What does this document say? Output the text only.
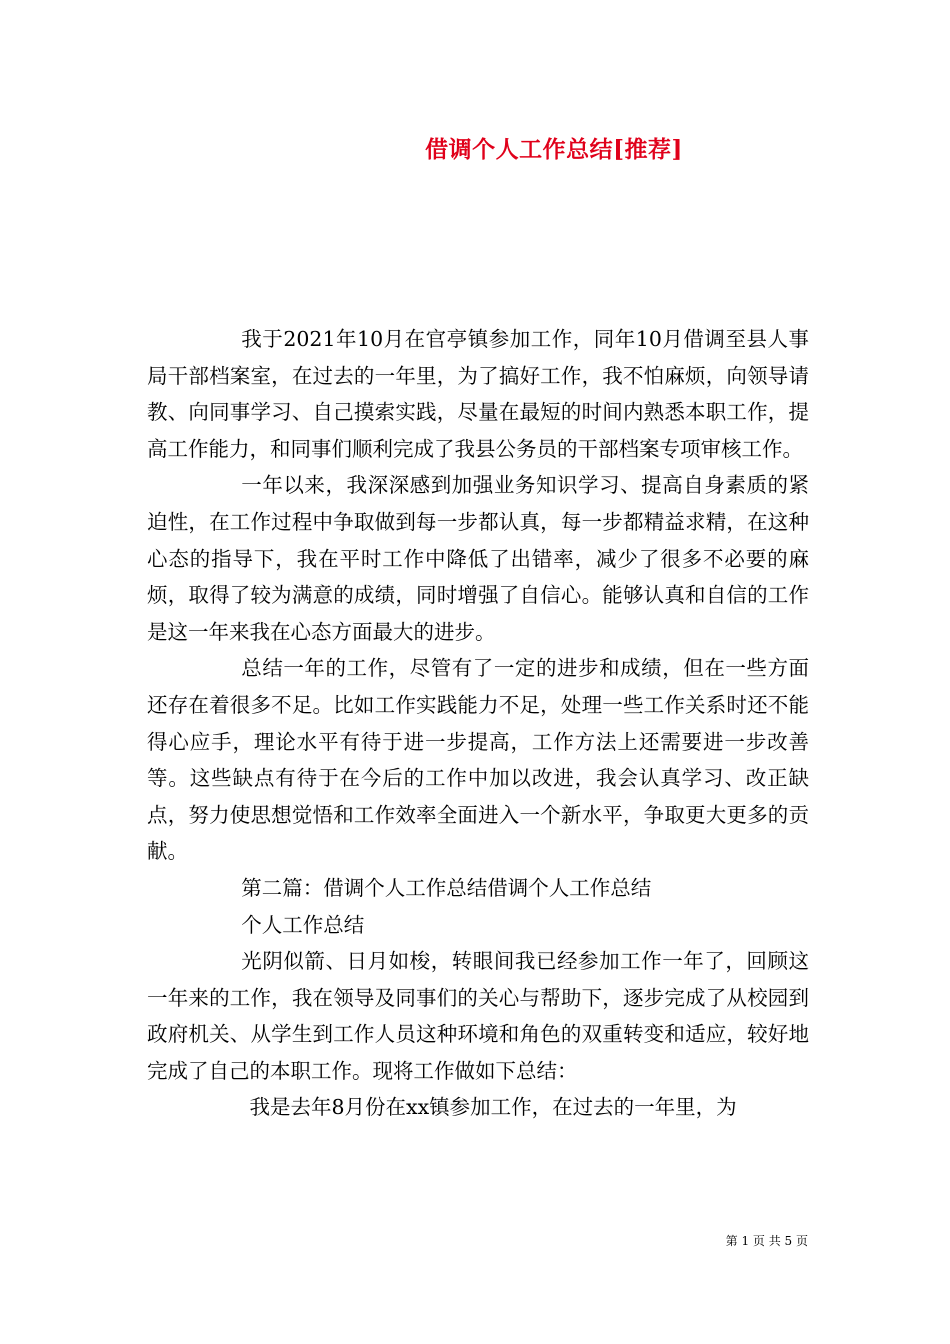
借调个人工作总结[推荐]

我于2021年10月在官亭镇参加工作，同年10月借调至县人事局干部档案室，在过去的一年里，为了搞好工作，我不怕麻烦，向领导请教、向同事学习、自己摸索实践，尽量在最短的时间内熟悉本职工作，提高工作能力，和同事们顺利完成了我县公务员的干部档案专项审核工作。

一年以来，我深深感到加强业务知识学习、提高自身素质的紧迫性，在工作过程中争取做到每一步都认真，每一步都精益求精，在这种心态的指导下，我在平时工作中降低了出错率，减少了很多不必要的麻烦，取得了较为满意的成绩，同时增强了自信心。能够认真和自信的工作是这一年来我在心态方面最大的进步。

总结一年的工作，尽管有了一定的进步和成绩，但在一些方面还存在着很多不足。比如工作实践能力不足，处理一些工作关系时还不能得心应手，理论水平有待于进一步提高，工作方法上还需要进一步改善等。这些缺点有待于在今后的工作中加以改进，我会认真学习、改正缺点，努力使思想觉悟和工作效率全面进入一个新水平，争取更大更多的贡献。

第二篇：借调个人工作总结借调个人工作总结

个人工作总结

光阴似箭、日月如梭，转眼间我已经参加工作一年了，回顾这一年来的工作，我在领导及同事们的关心与帮助下，逐步完成了从校园到政府机关、从学生到工作人员这种环境和角色的双重转变和适应，较好地完成了自己的本职工作。现将工作做如下总结：

我是去年8月份在xx镇参加工作，在过去的一年里，为

第 1 页 共 5 页
